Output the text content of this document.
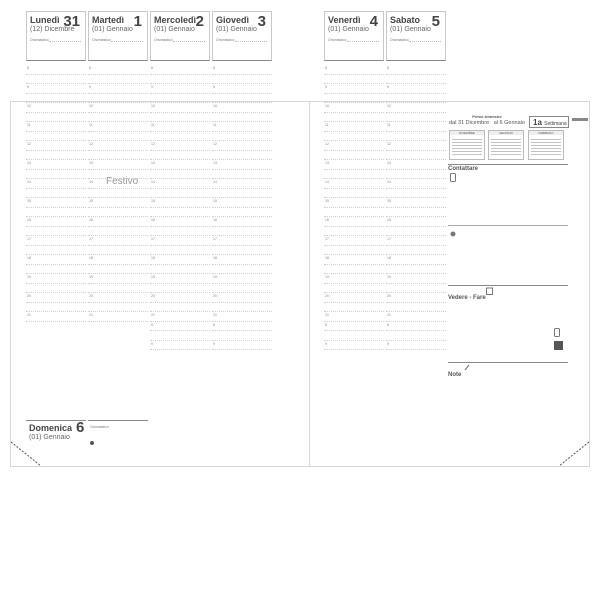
Lunedì
(12) Dicembre
31
Onomastico
Martedì
(01) Gennaio 1
Onomastico
Mercoledì
(01) Gennaio 2
Onomastico
Giovedì
(01) Gennaio 3
Onomastico
Venerdì
(01) Gennaio 4
Onomastico
Sabato
(01) Gennaio 5
Onomastico
8
9
10
11
12
13
14
15
16
17
18
19
20
21
8
9
10
11
12
13
14
15
16
17
18
19
20
21
8
9
10
11
12
13
14
15
16
17
18
19
20
21
8
9
8
9
10
11
12
13
14
15
16
17
18
19
20
21
8
9
8
9
10
11
12
13
14
15
16
17
18
19
20
21
8
9
8
9
10
11
12
13
14
15
16
17
18
19
20
21
8
9
Festivo
Domenica
(01) Gennaio
6 Onomastico
Primo trimestre
dal 31 Dicembre al 6 Gennaio	1a Settimana
DICEMBRE	GENNAIO	FEBBRAIO
Contattare
Vedere - Fare
Note
